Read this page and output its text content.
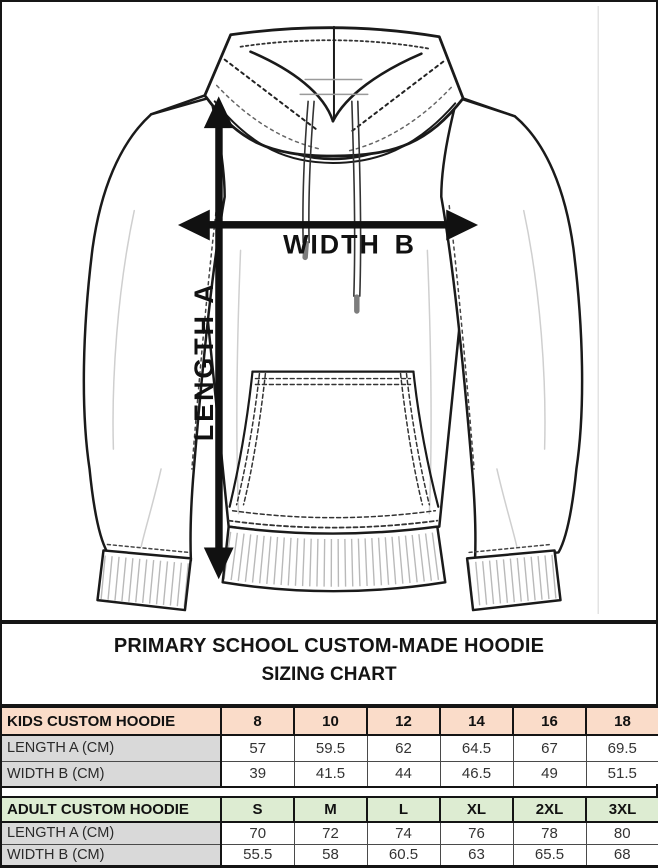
WIDTH B
LENGTH A
PRIMARY SCHOOL CUSTOM-MADE HOODIE
SIZING CHART
KIDS CUSTOM HOODIE	8	10	12	14	16	18
LENGTH A (CM)	57	59.5	62	64.5	67	69.5
WIDTH B (CM)	39	41.5	44	46.5	49	51.5
ADULT CUSTOM HOODIE	S	M	L	XL	2XL	3XL
LENGTH A (CM)	70	72	74	76	78	80
WIDTH B (CM)	55.5	58	60.5	63	65.5	68
